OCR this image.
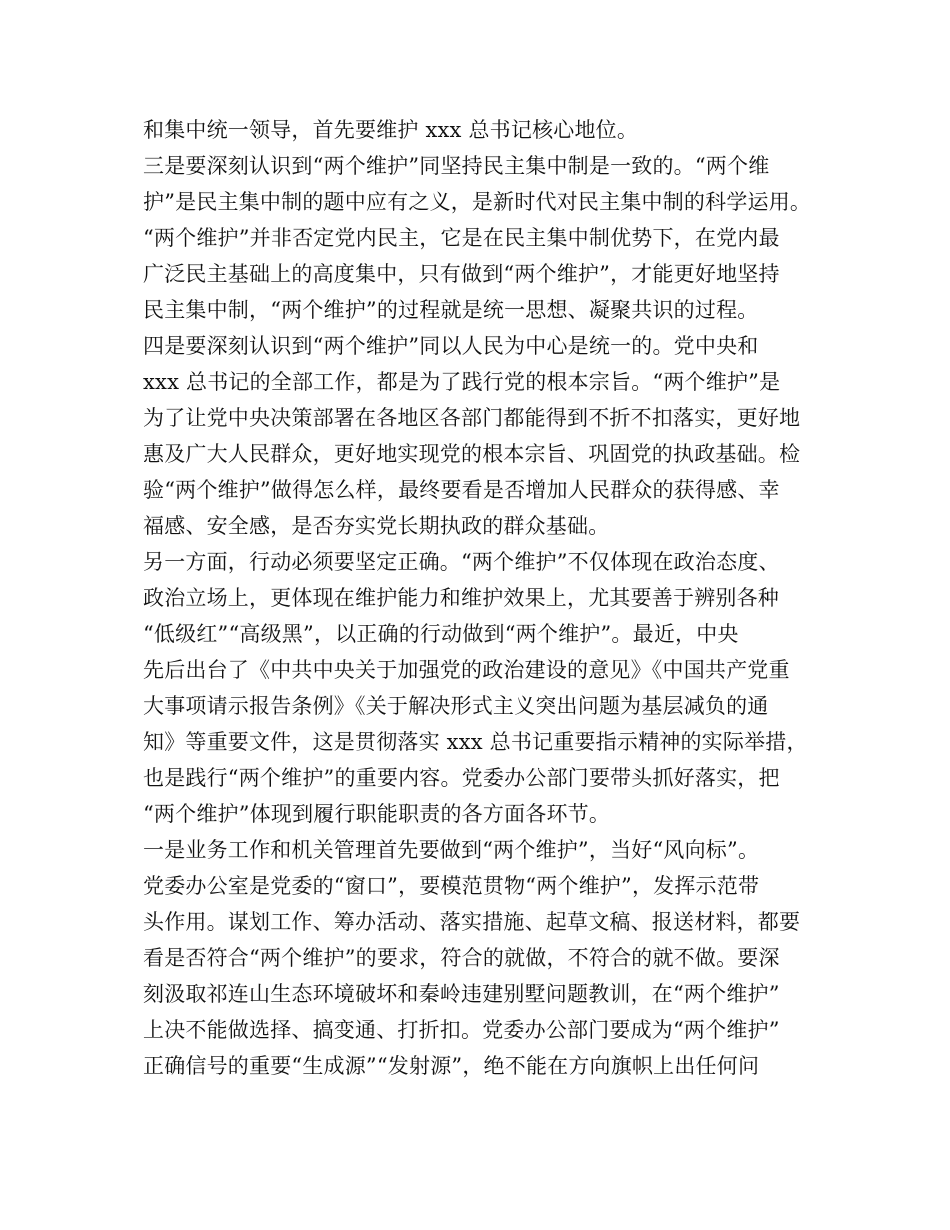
和集中统一领导，首先要维护 xxx 总书记核心地位。
三是要深刻认识到“两个维护”同坚持民主集中制是一致的。“两个维
护”是民主集中制的题中应有之义，是新时代对民主集中制的科学运用。
“两个维护”并非否定党内民主，它是在民主集中制优势下，在党内最
广泛民主基础上的高度集中，只有做到“两个维护”，才能更好地坚持
民主集中制，“两个维护”的过程就是统一思想、凝聚共识的过程。
四是要深刻认识到“两个维护”同以人民为中心是统一的。党中央和
xxx 总书记的全部工作，都是为了践行党的根本宗旨。“两个维护”是
为了让党中央决策部署在各地区各部门都能得到不折不扣落实，更好地
惠及广大人民群众，更好地实现党的根本宗旨、巩固党的执政基础。检
验“两个维护”做得怎么样，最终要看是否增加人民群众的获得感、幸
福感、安全感，是否夯实党长期执政的群众基础。
另一方面，行动必须要坚定正确。“两个维护”不仅体现在政治态度、
政治立场上，更体现在维护能力和维护效果上，尤其要善于辨别各种
“低级红”“高级黑”，以正确的行动做到“两个维护”。最近，中央
先后出台了《中共中央关于加强党的政治建设的意见》《中国共产党重
大事项请示报告条例》《关于解决形式主义突出问题为基层减负的通
知》等重要文件，这是贯彻落实 xxx 总书记重要指示精神的实际举措，
也是践行“两个维护”的重要内容。党委办公部门要带头抓好落实，把
“两个维护”体现到履行职能职责的各方面各环节。
一是业务工作和机关管理首先要做到“两个维护”，当好“风向标”。
党委办公室是党委的“窗口”，要模范贯物“两个维护”，发挥示范带
头作用。谋划工作、筹办活动、落实措施、起草文稿、报送材料，都要
看是否符合“两个维护”的要求，符合的就做，不符合的就不做。要深
刻汲取祁连山生态环境破坏和秦岭违建别墅问题教训，在“两个维护”
上决不能做选择、搞变通、打折扣。党委办公部门要成为“两个维护”
正确信号的重要“生成源”“发射源”，绝不能在方向旗帜上出任何问
